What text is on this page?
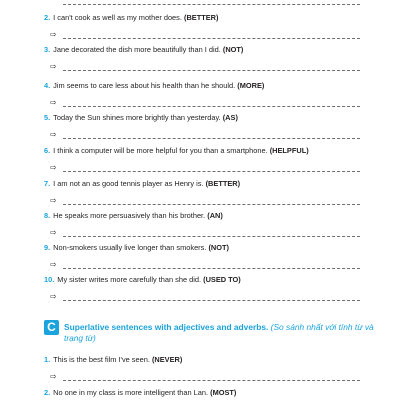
2. I can't cook as well as my mother does. (BETTER)
⇨
3. Jane decorated the dish more beautifully than I did. (NOT)
⇨
4. Jim seems to care less about his health than he should. (MORE)
⇨
5. Today the Sun shines more brightly than yesterday. (AS)
⇨
6. I think a computer will be more helpful for you than a smartphone. (HELPFUL)
⇨
7. I am not an as good tennis player as Henry is. (BETTER)
⇨
8. He speaks more persuasively than his brother. (AN)
⇨
9. Non-smokers usually live longer than smokers. (NOT)
⇨
10. My sister writes more carefully than she did. (USED TO)
⇨
C Superlative sentences with adjectives and adverbs. (So sánh nhất với tính từ và trạng từ)
1. This is the best film I've seen. (NEVER)
⇨
2. No one in my class is more intelligent than Lan. (MOST)
